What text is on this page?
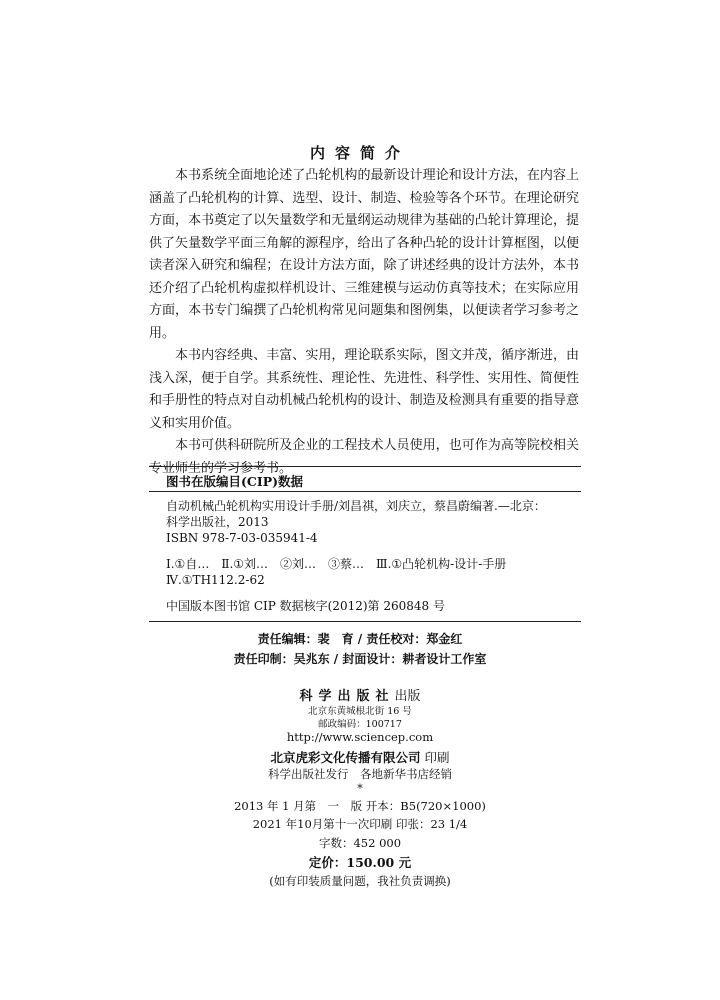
内容简介

本书系统全面地论述了凸轮机构的最新设计理论和设计方法，在内容上涵盖了凸轮机构的计算、选型、设计、制造、检验等各个环节。在理论研究方面，本书奠定了以矢量数学和无量纲运动规律为基础的凸轮计算理论，提供了矢量数学平面三角解的源程序，给出了各种凸轮的设计计算框图，以便读者深入研究和编程；在设计方法方面，除了讲述经典的设计方法外，本书还介绍了凸轮机构虚拟样机设计、三维建模与运动仿真等技术；在实际应用方面，本书专门编撰了凸轮机构常见问题集和图例集，以便读者学习参考之用。

本书内容经典、丰富、实用，理论联系实际，图文并茂，循序渐进，由浅入深，便于自学。其系统性、理论性、先进性、科学性、实用性、简便性和手册性的特点对自动机械凸轮机构的设计、制造及检测具有重要的指导意义和实用价值。

本书可供科研院所及企业的工程技术人员使用，也可作为高等院校相关专业师生的学习参考书。

图书在版编目(CIP)数据
自动机械凸轮机构实用设计手册/刘昌祺，刘庆立，蔡昌蔚编著.—北京：
科学出版社，2013
ISBN 978-7-03-035941-4
Ⅰ.①自…　Ⅱ.①刘…　②刘…　③蔡…　Ⅲ.①凸轮机构-设计-手册
Ⅳ.①TH112.2-62
中国版本图书馆 CIP 数据核字(2012)第 260848 号
责任编辑：裴　育 / 责任校对：郑金红
责任印制：吴兆东 / 封面设计：耕者设计工作室
科学出版社出版
北京东黄城根北街 16 号
邮政编码：100717
http://www.sciencep.com
北京虎彩文化传播有限公司 印刷
科学出版社发行　各地新华书店经销
*
2013 年 1 月第　一　版 开本：B5(720×1000)
2021 年10月第十一次印刷 印张：23 1/4
字数：452 000
定价：150.00 元
(如有印装质量问题，我社负责调换)
